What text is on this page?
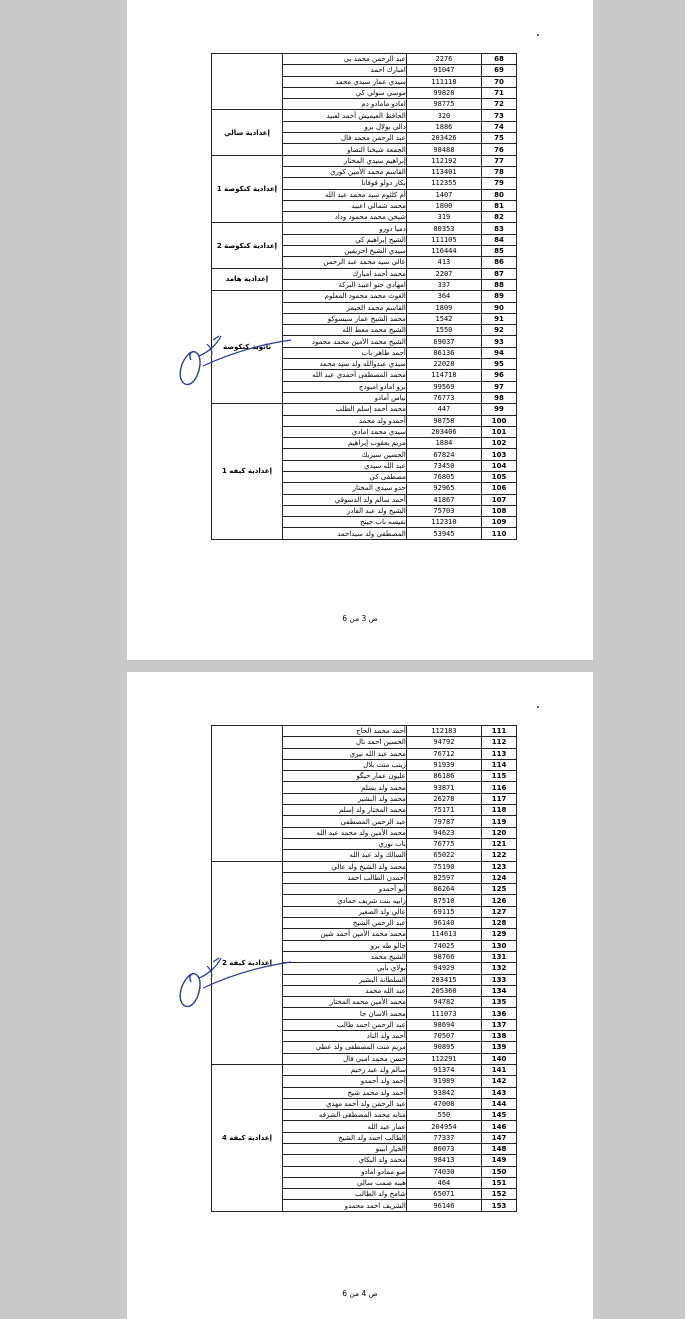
	عبد الرحمن محمد بي	2276	68
	امبارك احمد	91047	69
	سيدي عمار سيدي محمد	111118	70
	موسي سولي كي	99828	71
	امادو مامادو دم	98775	72
إعدادية سالي	الحافظ العيميش أحمد لعبيد	320	73
	دالي بولال برو	1886	74
	عبد الرحمن محمد فال	203426	75
	الجمعة شيخنا النضاو	98488	76
إعدادية كنكوصة 1	إبراهيم سيدي المختار	112192	77
	القاسم محمد الأمين كوري	113401	78
	بكار دولو فوفانا	112355	79
	أم كلثوم سيد محمد عبد الله	1407	80
	محمد شمالي اعبيد	1800	81
	شيخن محمد محمود وداد	319	82
إعدادية كنكوصة 2	دميا دورو	80353	83
	الشيخ إبراهيم كي	111105	84
	سيدي الشيخ احريفين	116444	85
	عالي سيد محمد عبد الرحمن	413	86
إعدادية هامد	محمد أحمد امبارك	2207	87
	امهادي حنو اعبيد البركة	337	88
ثانوية كنكوصة	الغوث محمد محمود المعلوم	364	89
	القاسم محمد الحيمر	1809	90
	محمد الشيخ عمار سيسوكو	1542	91
	الشيخ محمد معط الله	1550	92
	الشيخ محمد الأمين محمد محمود	69037	93
	أحمد طاهر باب	86136	94
	سيدي عبدوالله ولد سيد محمد	22028	95
	محمد المصطفى أحمدي عبد الله	114718	96
	برو امادو امبودج	99569	97
	نياس أمادو	76773	98
إعدادية كيفه 1	محمد أحمد إسلم الطلب	447	99
	أحمدو ولد محمد	98758	100
	سيدي محمد امادي	203406	101
	مريم يعقوب إبراهيم	1884	102
	الحسين سيريك	67824	103
	عبد الله سيدي	73450	104
	مصطفى كي	76805	105
	حدو سيدي المختار	92965	106
	أحمد سالم ولد الدسوقي	41867	107
	الشيخ ولد عبد القادر	75703	108
	نفيسه باب جينج	112310	109
	المصطفى ولد سيداحمد	53945	110
ص 3 من 6
	أحمد محمد الحاج	112183	111
	الحسين احمد تال	94792	112
	محمد عبد الله نيري	76712	113
	زينب منت بلال	91939	114
	عليون عمار جيگو	86186	115
	محمد ولد بسلم	93871	116
	محمد ولد البشير	26278	117
	محمد المختار ولد إسلم	75171	118
	عبد الرحمن المصطفى	79787	119
	محمد الأمين ولد محمد عبد الله	94623	120
	باب نوري	76775	121
	السالك ولد عبد الله	65022	122
إعدادية كيفه 2	محمد ولد الشيخ ولد عالي	75190	123
	أحمدن الطالب احمد	82597	124
	أبو أحمدو	86264	125
	رابيه بنت شريف حمادي	87510	126
	عالي ولد الصغير	69115	127
	عبد الرحمن الشيخ	96140	128
	محمد محمد الأمين أحمد شين	114613	129
	جالو طه برو	74025	130
	الشيخ محمد	98766	131
	بولاي بابي	94929	132
	السلطانة البشير	203415	133
	عبد الله محمد	205360	134
	محمد الأمين محمد المختار	94782	135
	محمد الاسان جا	111073	136
	عبد الرحمن احمد طالب	98694	137
	أحمد ولد الناد	70507	138
	مريم منت المصطفى ولد عطي	90895	139
	حسن محمد امبي فال	112291	140
إعدادية كيفه 4	سالم ولد عبد رحيم	91374	141
	أحمد ولد أحمدو	91989	142
	أحمد ولد محمد شيخ	93842	143
	عبد الرحمن ولد أحمد مهدي	47008	144
	منايه محمد المصطفى الشرفه	550	145
	عمار عبد الله	204954	146
	الطالب احمد ولد الشيخ	77337	147
	الخيار ابيبو	86073	148
	محمد ولد البكاي	98413	149
	صو ممادو امادو	74030	150
	هيبه صمب سالي	464	151
	شامخ ولد الطالب	65071	152
	الشريف احمد محمدو	96146	153
ص 4 من 6
